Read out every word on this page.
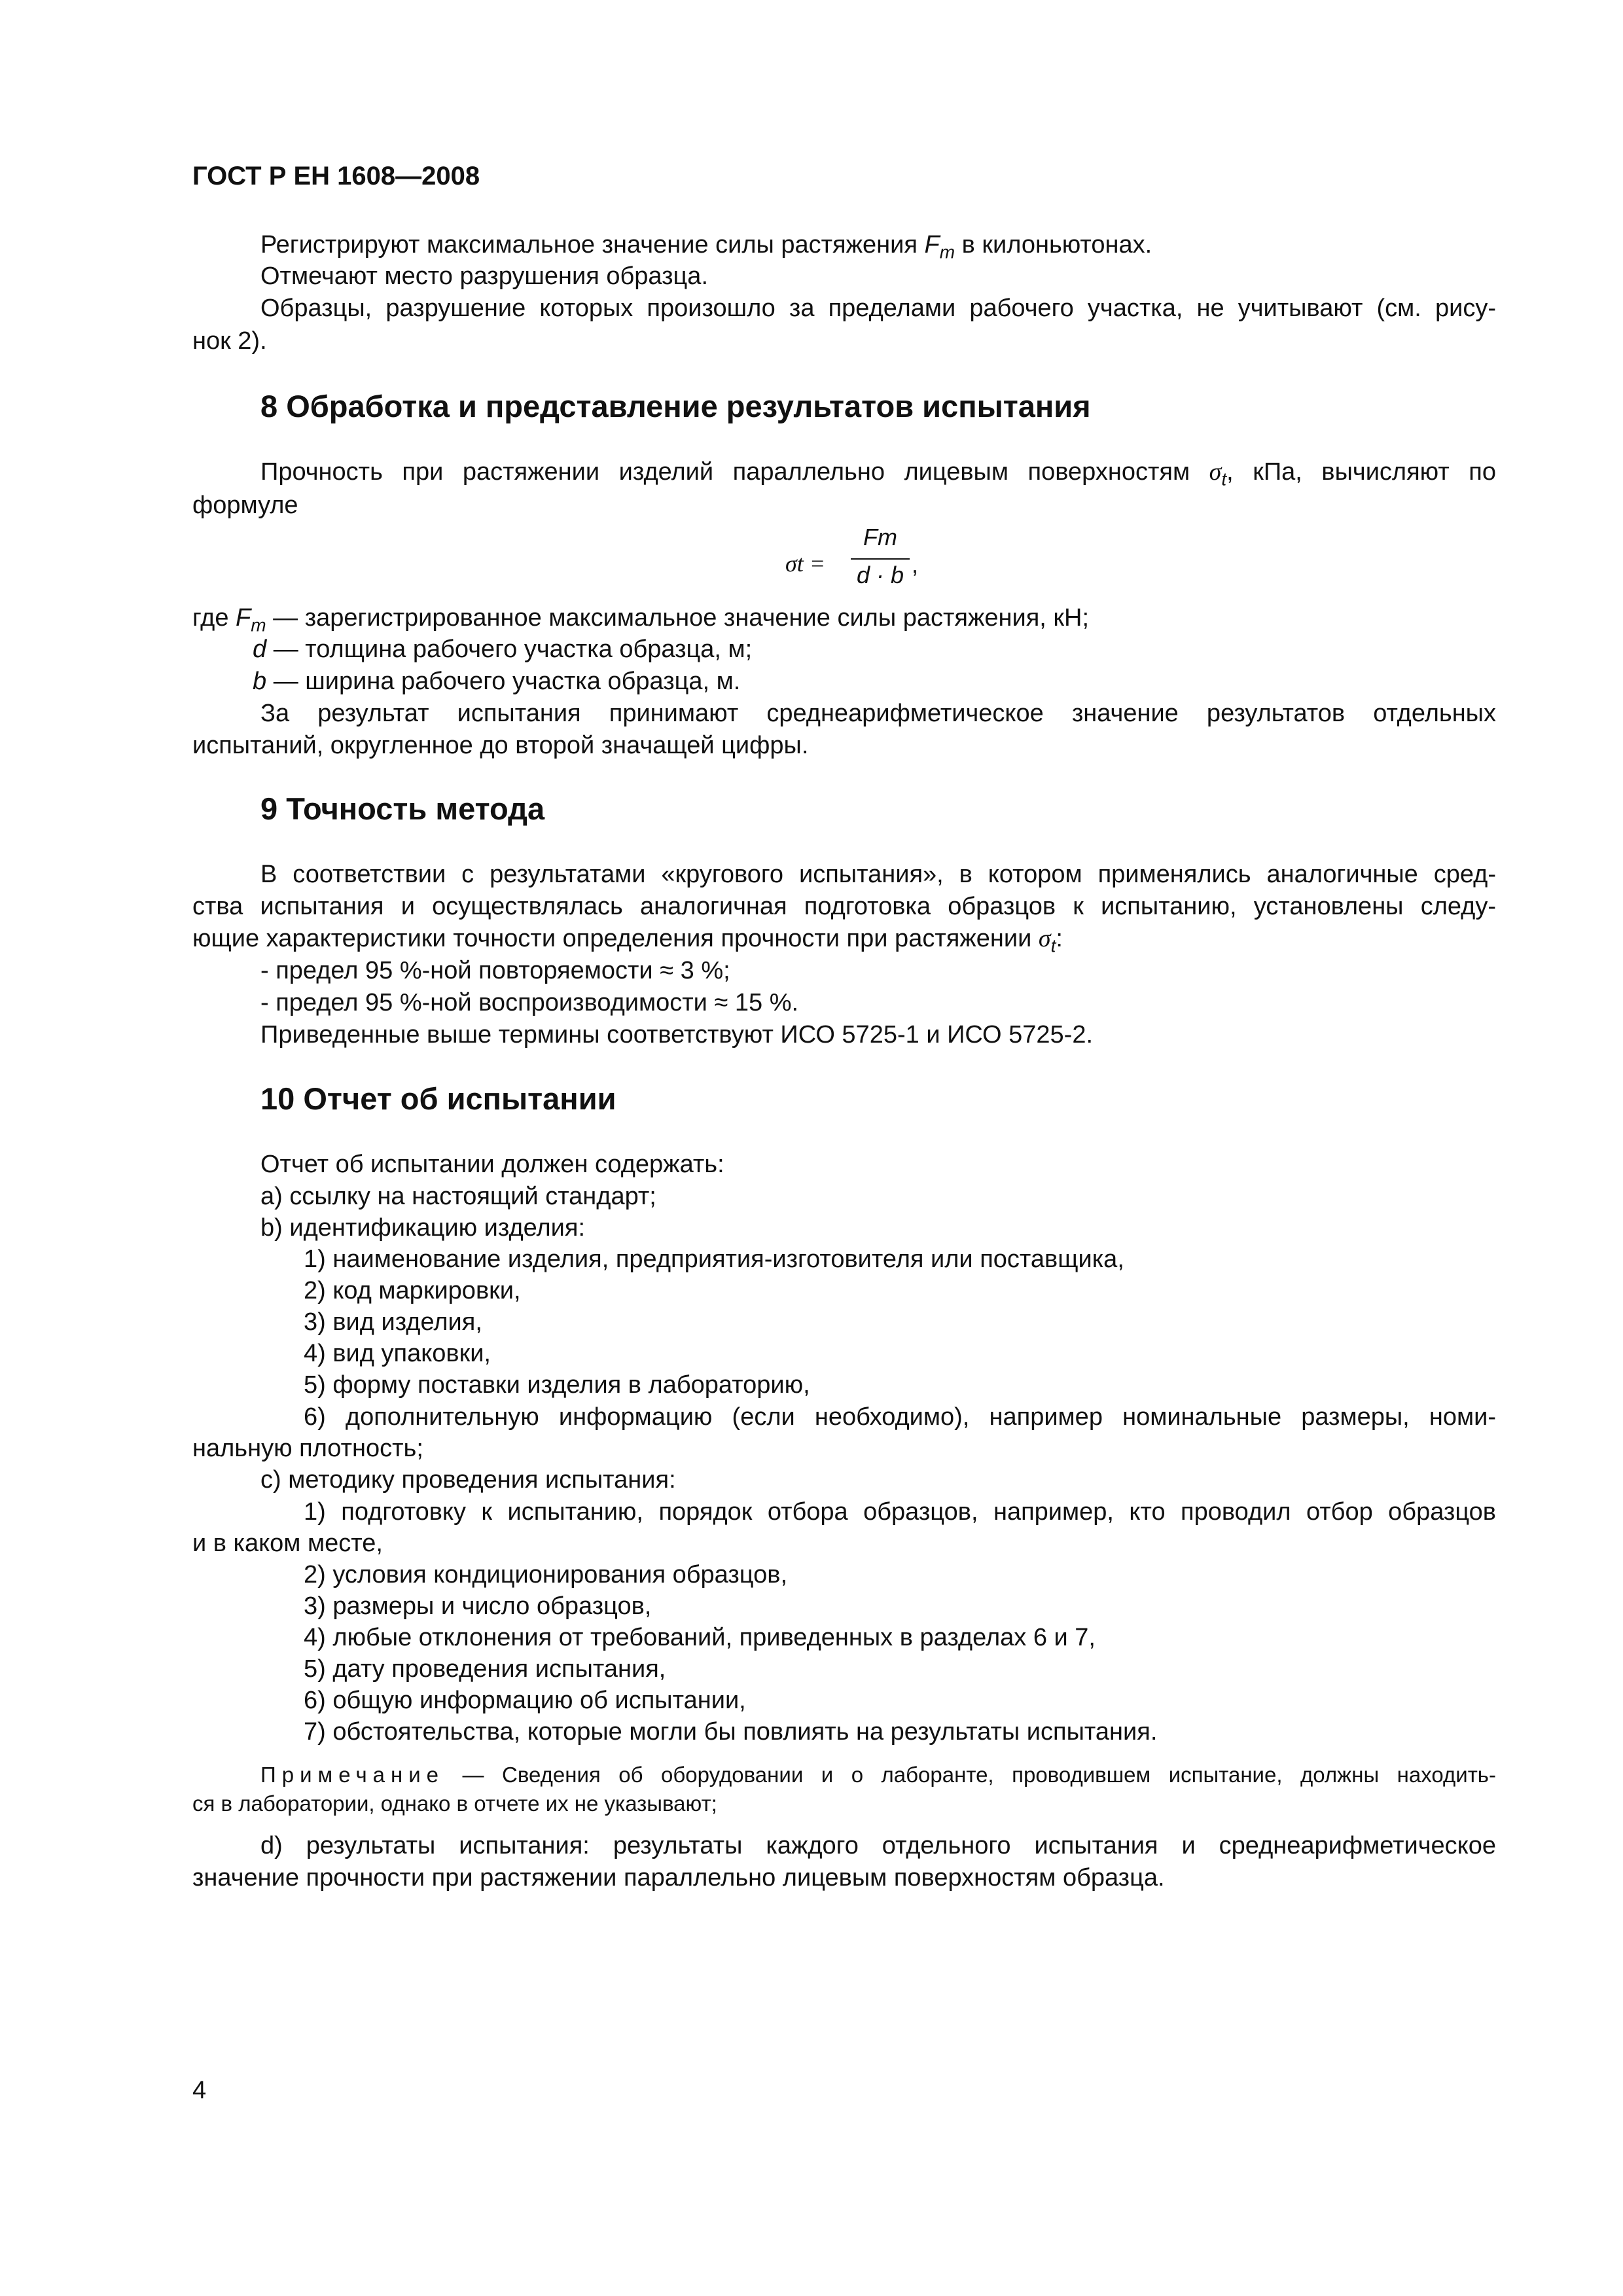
ГОСТ Р ЕН 1608—2008
Регистрируют максимальное значение силы растяжения $F_m$ в килоньютонах.
Отмечают место разрушения образца.
Образцы, разрушение которых произошло за пределами рабочего участка, не учитывают (см. рису-
нок 2).
8 Обработка и представление результатов испытания
Прочность при растяжении изделий параллельно лицевым поверхностям $\sigma_t$, кПа, вычисляют по
формуле
σt =
Fm
d · b ,
где $F_m$ — зарегистрированное максимальное значение силы растяжения, кН;
d — толщина рабочего участка образца, м;
b — ширина рабочего участка образца, м.
За результат испытания принимают среднеарифметическое значение результатов отдельных
испытаний, округленное до второй значащей цифры.
9 Точность метода
В соответствии с результатами «кругового испытания», в котором применялись аналогичные сред-
ства испытания и осуществлялась аналогичная подготовка образцов к испытанию, установлены следу-
ющие характеристики точности определения прочности при растяжении $\sigma_t$:
- предел 95 %-ной повторяемости ≈ 3 %;
- предел 95 %-ной воспроизводимости ≈ 15 %.
Приведенные выше термины соответствуют ИСО 5725-1 и ИСО 5725-2.
10 Отчет об испытании
Отчет об испытании должен содержать:
а) ссылку на настоящий стандарт;
b) идентификацию изделия:
1) наименование изделия, предприятия-изготовителя или поставщика,
2) код маркировки,
3) вид изделия,
4) вид упаковки,
5) форму поставки изделия в лабораторию,
6) дополнительную информацию (если необходимо), например номинальные размеры, номи-
нальную плотность;
с) методику проведения испытания:
1) подготовку к испытанию, порядок отбора образцов, например, кто проводил отбор образцов
и в каком месте,
2) условия кондиционирования образцов,
3) размеры и число образцов,
4) любые отклонения от требований, приведенных в разделах 6 и 7,
5) дату проведения испытания,
6) общую информацию об испытании,
7) обстоятельства, которые могли бы повлиять на результаты испытания.
Примечание — Сведения об оборудовании и о лаборанте, проводившем испытание, должны находить-
ся в лаборатории, однако в отчете их не указывают;
d) результаты испытания: результаты каждого отдельного испытания и среднеарифметическое
значение прочности при растяжении параллельно лицевым поверхностям образца.
4
